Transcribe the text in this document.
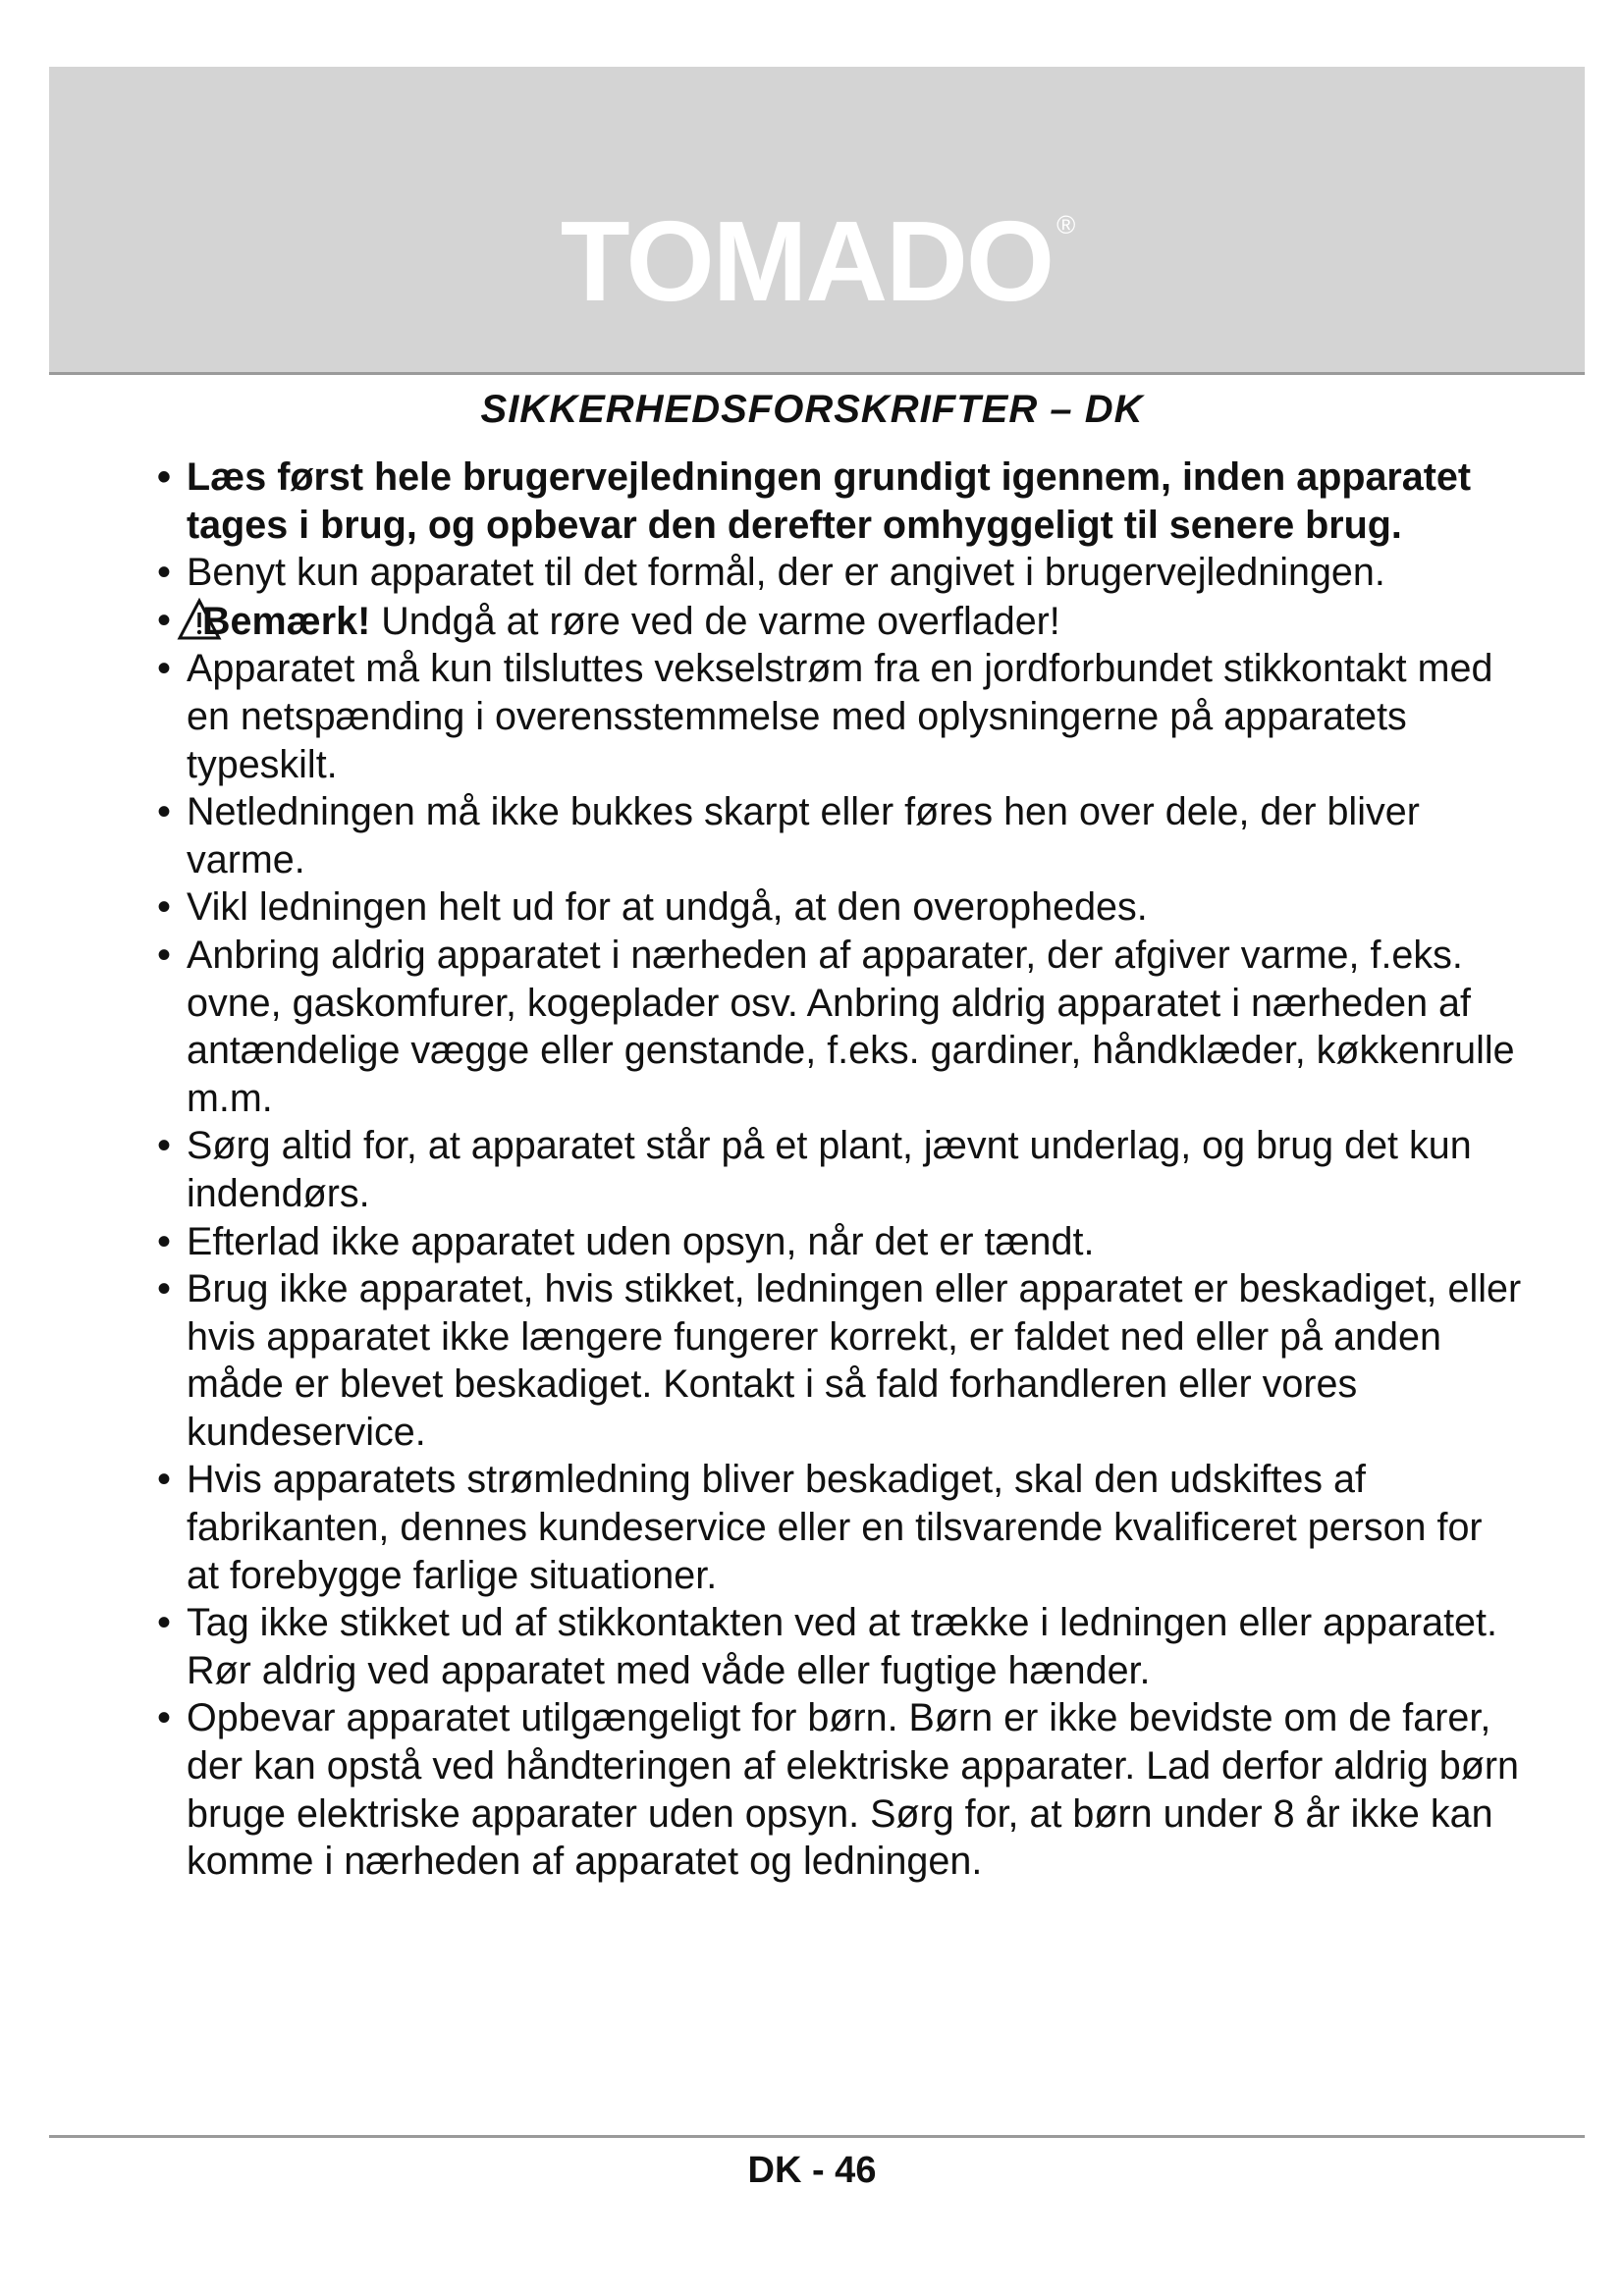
TOMADO ®
SIKKERHEDSFORSKRIFTER – DK
• Læs først hele brugervejledningen grundigt igennem, inden apparatet tages i brug, og opbevar den derefter omhyggeligt til senere brug.
• Benyt kun apparatet til det formål, der er angivet i brugervejledningen.
• Bemærk! Undgå at røre ved de varme overflader!
• Apparatet må kun tilsluttes vekselstrøm fra en jordforbundet stikkontakt med en netspænding i overensstemmelse med oplysningerne på apparatets typeskilt.
• Netledningen må ikke bukkes skarpt eller føres hen over dele, der bliver varme.
• Vikl ledningen helt ud for at undgå, at den overophedes.
• Anbring aldrig apparatet i nærheden af apparater, der afgiver varme, f.eks. ovne, gaskomfurer, kogeplader osv. Anbring aldrig apparatet i nærheden af antændelige vægge eller genstande, f.eks. gardiner, håndklæder, køkkenrulle m.m.
• Sørg altid for, at apparatet står på et plant, jævnt underlag, og brug det kun indendørs.
• Efterlad ikke apparatet uden opsyn, når det er tændt.
• Brug ikke apparatet, hvis stikket, ledningen eller apparatet er beskadiget, eller hvis apparatet ikke længere fungerer korrekt, er faldet ned eller på anden måde er blevet beskadiget. Kontakt i så fald forhandleren eller vores kundeservice.
• Hvis apparatets strømledning bliver beskadiget, skal den udskiftes af fabrikanten, dennes kundeservice eller en tilsvarende kvalificeret person for at forebygge farlige situationer.
• Tag ikke stikket ud af stikkontakten ved at trække i ledningen eller apparatet. Rør aldrig ved apparatet med våde eller fugtige hænder.
• Opbevar apparatet utilgængeligt for børn. Børn er ikke bevidste om de farer, der kan opstå ved håndteringen af elektriske apparater. Lad derfor aldrig børn bruge elektriske apparater uden opsyn. Sørg for, at børn under 8 år ikke kan komme i nærheden af apparatet og ledningen.
DK - 46
